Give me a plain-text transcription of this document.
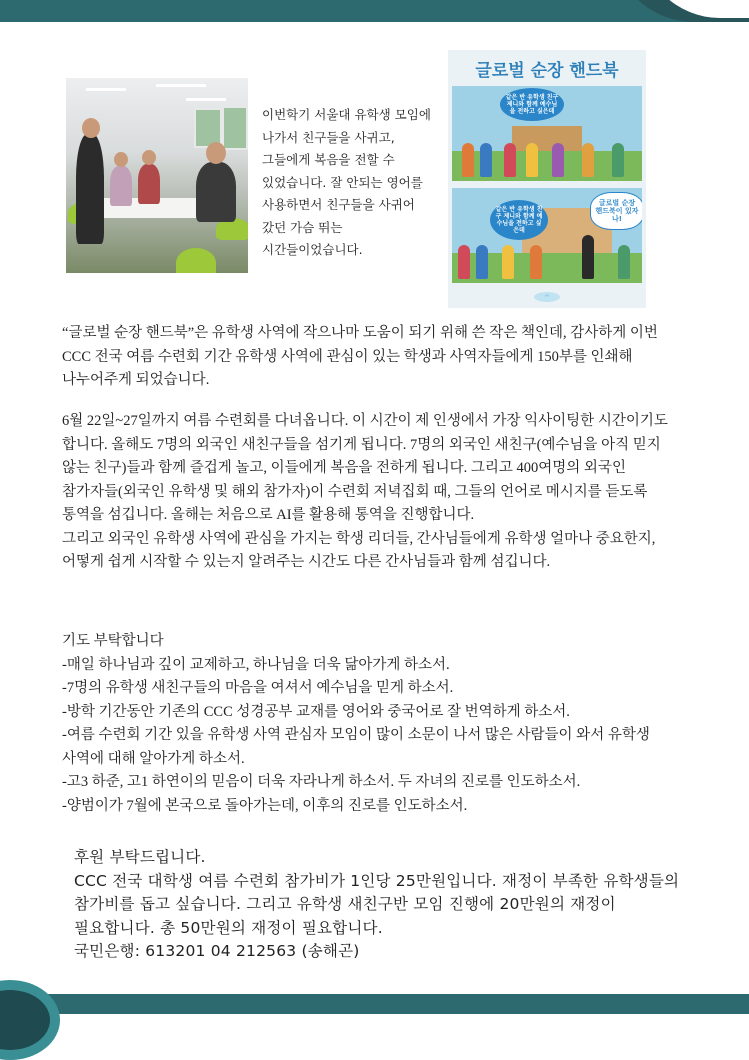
이번학기 서울대 유학생 모임에 나가서 친구들을 사귀고, 그들에게 복음을 전할 수 있었습니다. 잘 안되는 영어를 사용하면서 친구들을 사귀어 갔던 가슴 뛰는 시간들이었습니다.
글로벌 순장 핸드북
같은 반 유학생 친구 제니와 함께 예수님을 전하고 싶은데
같은 반 유학생 친구 제니와 함께 예수님을 전하고 싶은데
글로벌 순장 핸드북이 있자나!
◠

“글로벌 순장 핸드북”은 유학생 사역에 작으나마 도움이 되기 위해 쓴 작은 책인데, 감사하게 이번 CCC 전국 여름 수련회 기간 유학생 사역에 관심이 있는 학생과 사역자들에게 150부를 인쇄해 나누어주게 되었습니다.

6월 22일~27일까지 여름 수련회를 다녀옵니다. 이 시간이 제 인생에서 가장 익사이팅한 시간이기도 합니다. 올해도 7명의 외국인 새친구들을 섬기게 됩니다. 7명의 외국인 새친구(예수님을 아직 믿지 않는 친구)들과 함께 즐겁게 놀고, 이들에게 복음을 전하게 됩니다. 그리고 400여명의 외국인 참가자들(외국인 유학생 및 해외 참가자)이 수련회 저녁집회 때, 그들의 언어로 메시지를 듣도록 통역을 섬깁니다. 올해는 처음으로 AI를 활용해 통역을 진행합니다.

그리고 외국인 유학생 사역에 관심을 가지는 학생 리더들, 간사님들에게 유학생 얼마나 중요한지, 어떻게 쉽게 시작할 수 있는지 알려주는 시간도 다른 간사님들과 함께 섬깁니다.

기도 부탁합니다

-매일 하나님과 깊이 교제하고, 하나님을 더욱 닮아가게 하소서.

-7명의 유학생 새친구들의 마음을 여셔서 예수님을 믿게 하소서.

-방학 기간동안 기존의 CCC 성경공부 교재를 영어와 중국어로 잘 번역하게 하소서.

-여름 수련회 기간 있을 유학생 사역 관심자 모임이 많이 소문이 나서 많은 사람들이 와서 유학생 사역에 대해 알아가게 하소서.

-고3 하준, 고1 하연이의 믿음이 더욱 자라나게 하소서. 두 자녀의 진로를 인도하소서.

-양범이가 7월에 본국으로 돌아가는데, 이후의 진로를 인도하소서.

후원 부탁드립니다.

CCC 전국 대학생 여름 수련회 참가비가 1인당 25만원입니다. 재정이 부족한 유학생들의 참가비를 돕고 싶습니다. 그리고 유학생 새친구반 모임 진행에 20만원의 재정이 필요합니다. 총 50만원의 재정이 필요합니다.

국민은행: 613201 04 212563 (송해곤)
